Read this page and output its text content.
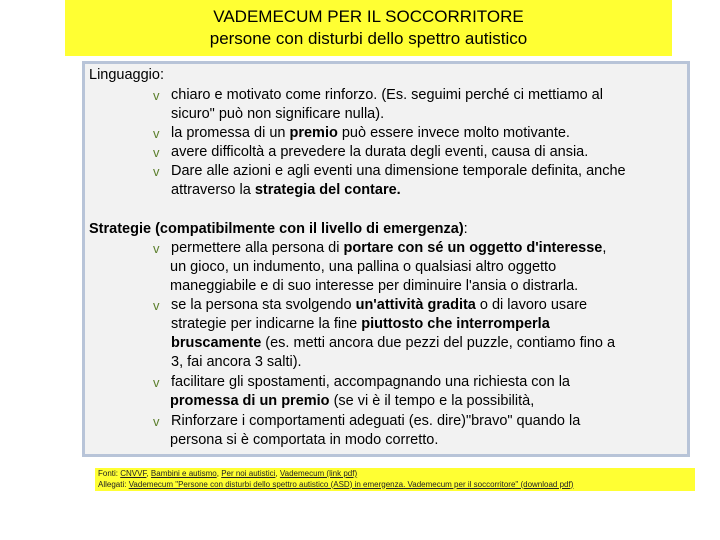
VADEMECUM PER IL SOCCORRITORE
persone con disturbi dello spettro autistico
Linguaggio:
v chiaro e motivato come rinforzo. (Es. seguimi perché ci mettiamo al
sicuro" può non significare nulla).
v la promessa di un premio può essere invece molto motivante.
v avere difficoltà a prevedere la durata degli eventi, causa di ansia.
v Dare alle azioni e agli eventi una dimensione temporale definita, anche
attraverso la strategia del contare.
Strategie (compatibilmente con il livello di emergenza):
v permettere alla persona di portare con sé un oggetto d'interesse,
un gioco, un indumento, una pallina o qualsiasi altro oggetto
maneggiabile e di suo interesse per diminuire l'ansia o distrarla.
v se la persona sta svolgendo un'attività gradita o di lavoro usare
strategie per indicarne la fine piuttosto che interromperla
bruscamente (es. metti ancora due pezzi del puzzle, contiamo fino a
3, fai ancora 3 salti).
v facilitare gli spostamenti, accompagnando una richiesta con la
promessa di un premio (se vi è il tempo e la possibilità,
v Rinforzare i comportamenti adeguati (es. dire)"bravo" quando la
persona si è comportata in modo corretto.
Fonti: CNVVF, Bambini e autismo, Per noi autistici, Vademecum (link pdf)
Allegati: Vademecum "Persone con disturbi dello spettro autistico (ASD) in emergenza. Vademecum per il soccorritore" (download pdf)
